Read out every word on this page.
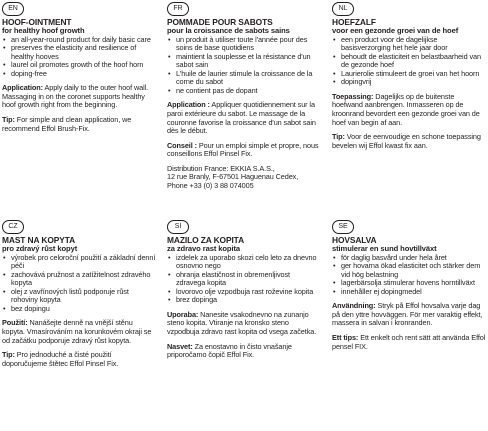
EN
HOOF-OINTMENT
for healthy hoof growth
• an all-year-round product for daily basic care
• preserves the elasticity and resilience of healthy hooves
• laurel oil promotes growth of the hoof horn
• doping-free

Application: Apply daily to the outer hoof wall. Massaging in on the coronet supports healthy hoof growth right from the beginning.

Tip: For simple and clean application, we recommend Effol Brush-Fix.

FR
POMMADE POUR SABOTS
pour la croissance de sabots sains
• un produit à utiliser toute l'année pour des soins de base quotidiens
• maintient la souplesse et la résistance d'un sabot sain
• L'huile de laurier stimule la croissance de la corne du sabot
• ne contient pas de dopant

Application : Appliquer quotidiennement sur la paroi extérieure du sabot. Le massage de la couronne favorise la croissance d'un sabot sain dès le début.

Conseil : Pour un emploi simple et propre, nous conseillons Effol Pinsel Fix.

Distribution France: EKKIA S.A.S.,
12 rue Branly, F-67501 Haguenau Cedex,
Phone +33 (0) 3 88 074005
NL
HOEFZALF
voor een gezonde groei van de hoef
• een product voor de dagelijkse basisverzorging het hele jaar door
• behoudt de elasticiteit en belastbaarheid van de gezonde hoef
• Laurierolie stimuleert de groei van het hoorn
• dopingvrij

Toepassing: Dagelijks op de buitenste hoefwand aanbrengen. Inmasseren op de kroonrand bevordert een gezonde groei van de hoef van begin af aan.

Tip: Voor de eenvoudige en schone toepassing bevelen wij Effol kwast fix aan.

CZ
MAST NA KOPYTA
pro zdravý růst kopyt
• výrobek pro celoroční použití a základní denní péči
• zachovává pružnost a zatížitelnost zdravého kopyta
• olej z vavřínových listů podporuje růst rohoviny kopyta
• bez dopingu

Použití: Nanášejte denně na vnější stěnu kopyta. Vmasírováním na korunkovém okraji se od začátku podporuje zdravý růst kopyta.

Tip: Pro jednoduché a čisté použití doporučujeme štětec Effol Pinsel Fix.

SI
MAZILO ZA KOPITA
za zdravo rast kopita
• izdelek za uporabo skozi celo leto za dnevno osnovno nego
• ohranja elastičnost in obremenljivost zdravega kopita
• lovorovo olje vzpodbuja rast roževine kopita
• brez dopinga

Uporaba: Nanesite vsakodnevno na zunanjo steno kopita. Vtiranje na kronsko steno vzpodbuja zdravo rast kopita od vsega začetka.

Nasvet: Za enostavno in čisto vnašanje priporočamo čopič Effol Fix.

SE
HOVSALVA
stimulerar en sund hovtillväxt
• för daglig basvård under hela året
• ger hovarna ökad elasticitet och stärker dem vid hög belastning
• lagerbärsolja stimulerar hovens horntillväxt
• innehåller ej dopingmedel

Användning: Stryk på Effol hovsalva varje dag på den yttre hovväggen. För mer varaktig effekt, massera in salvan i kronranden.

Ett tips: Ett enkelt och rent sätt att använda Effol pensel FIX.
